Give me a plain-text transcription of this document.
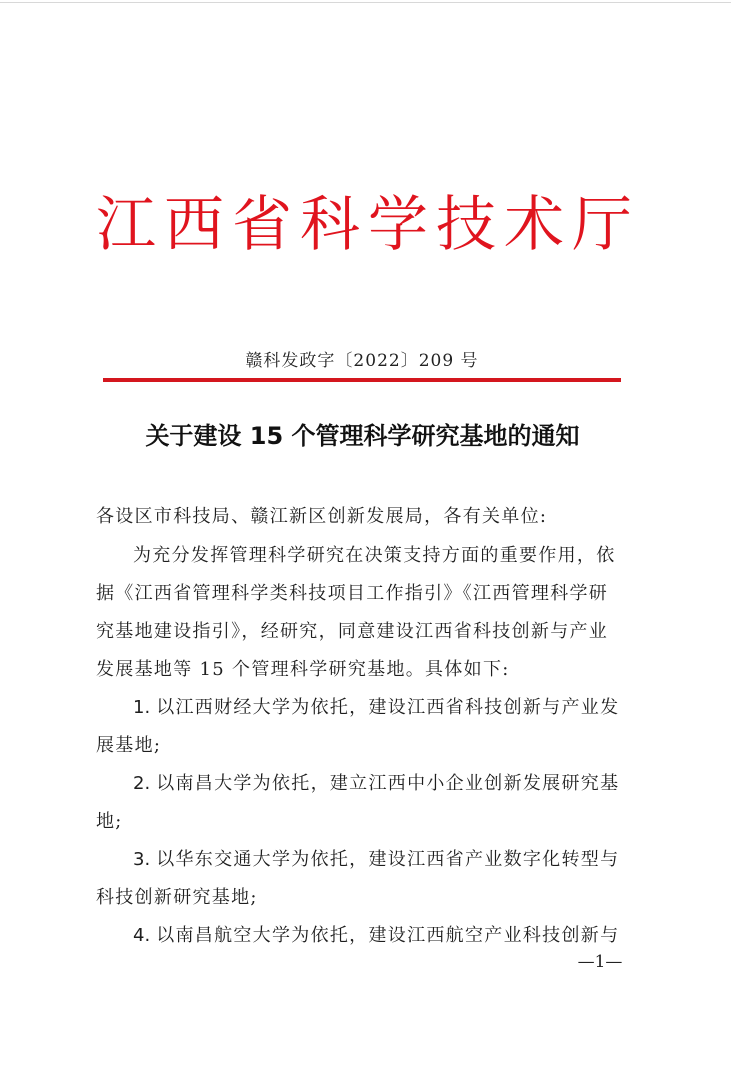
江西省科学技术厅
赣科发政字〔2022〕209 号
关于建设 15 个管理科学研究基地的通知
各设区市科技局、赣江新区创新发展局，各有关单位:
为充分发挥管理科学研究在决策支持方面的重要作用，依
据《江西省管理科学类科技项目工作指引》《江西管理科学研
究基地建设指引》，经研究，同意建设江西省科技创新与产业
发展基地等 15 个管理科学研究基地。具体如下:
1. 以江西财经大学为依托，建设江西省科技创新与产业发
展基地;
2. 以南昌大学为依托，建立江西中小企业创新发展研究基
地;
3. 以华东交通大学为依托，建设江西省产业数字化转型与
科技创新研究基地;
4. 以南昌航空大学为依托，建设江西航空产业科技创新与
—1—
